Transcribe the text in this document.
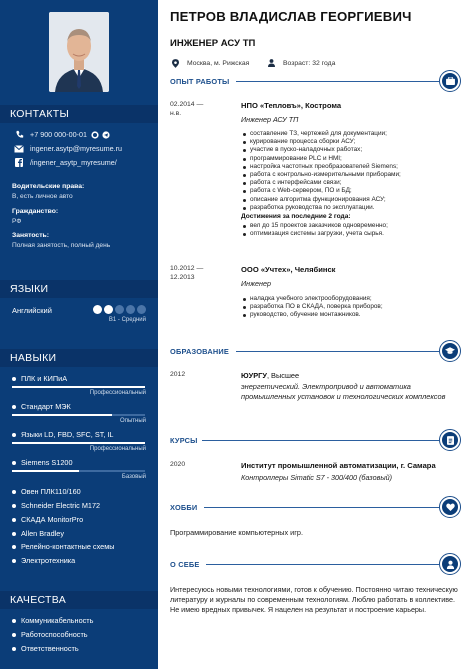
КОНТАКТЫ
+7 900 000-00-01
ingener.asytp@myresume.ru
/ingener_asytp_myresume/
Водительские права:
В, есть личное авто
Гражданство:
РФ
Занятость:
Полная занятость, полный день
ЯЗЫКИ
Английский
B1 - Средний
НАВЫКИ
ПЛК и КИПиА
Профессиональный
Стандарт МЭК
Опытный
Языки LD, FBD, SFC, ST, IL
Профессиональный
Siemens S1200
Базовый
Овен ПЛК110/160
Schneider Electric M172
СКАДА MonitorPro
Allen Bradley
Релейно-контактные схемы
Электротехника
КАЧЕСТВА
Коммуникабельность
Работоспособность
Ответственность
ПЕТРОВ ВЛАДИСЛАВ ГЕОРГИЕВИЧ
ИНЖЕНЕР АСУ ТП
Москва, м. Рижская	Возраст: 32 года
ОПЫТ РАБОТЫ
02.2014 —
н.в.
НПО «Тепловъ», Кострома
Инженер АСУ ТП
составление ТЗ, чертежей для документации;
курирование процесса сборки АСУ;
участие в пуско-наладочных работах;
программирование PLC и HMI;
настройка частотных преобразователей Siemens;
работа с контрольно-измерительными приборами;
работа с интерфейсами связи;
работа с Web-сервером, ПО и БД;
описание алгоритма функционирования АСУ;
разработка руководства по эксплуатации.
Достижения за последние 2 года:
вел до 15 проектов заказчиков одновременно;
оптимизация системы загрузки, учета сырья.
10.2012 —
12.2013
ООО «Учтех», Челябинск
Инженер
наладка учебного электрооборудования;
разработка ПО в СКАДА, поверка приборов;
руководство, обучение монтажников.
ОБРАЗОВАНИЕ
2012	ЮУРГУ, Высшее
энергетический. Электропривод и автоматика промышленных установок и технологических комплексов
КУРСЫ
2020	Институт промышленной автоматизации, г. Самара
Контроллеры Simatic S7 - 300/400 (базовый)
ХОББИ
Программирование компьютерных игр.
О СЕБЕ
Интересуюсь новыми технологиями, готов к обучению. Постоянно читаю техническую литературу и журналы по современным технологиям. Люблю работать в коллективе. Не имею вредных привычек. Я нацелен на результат и построение карьеры.
